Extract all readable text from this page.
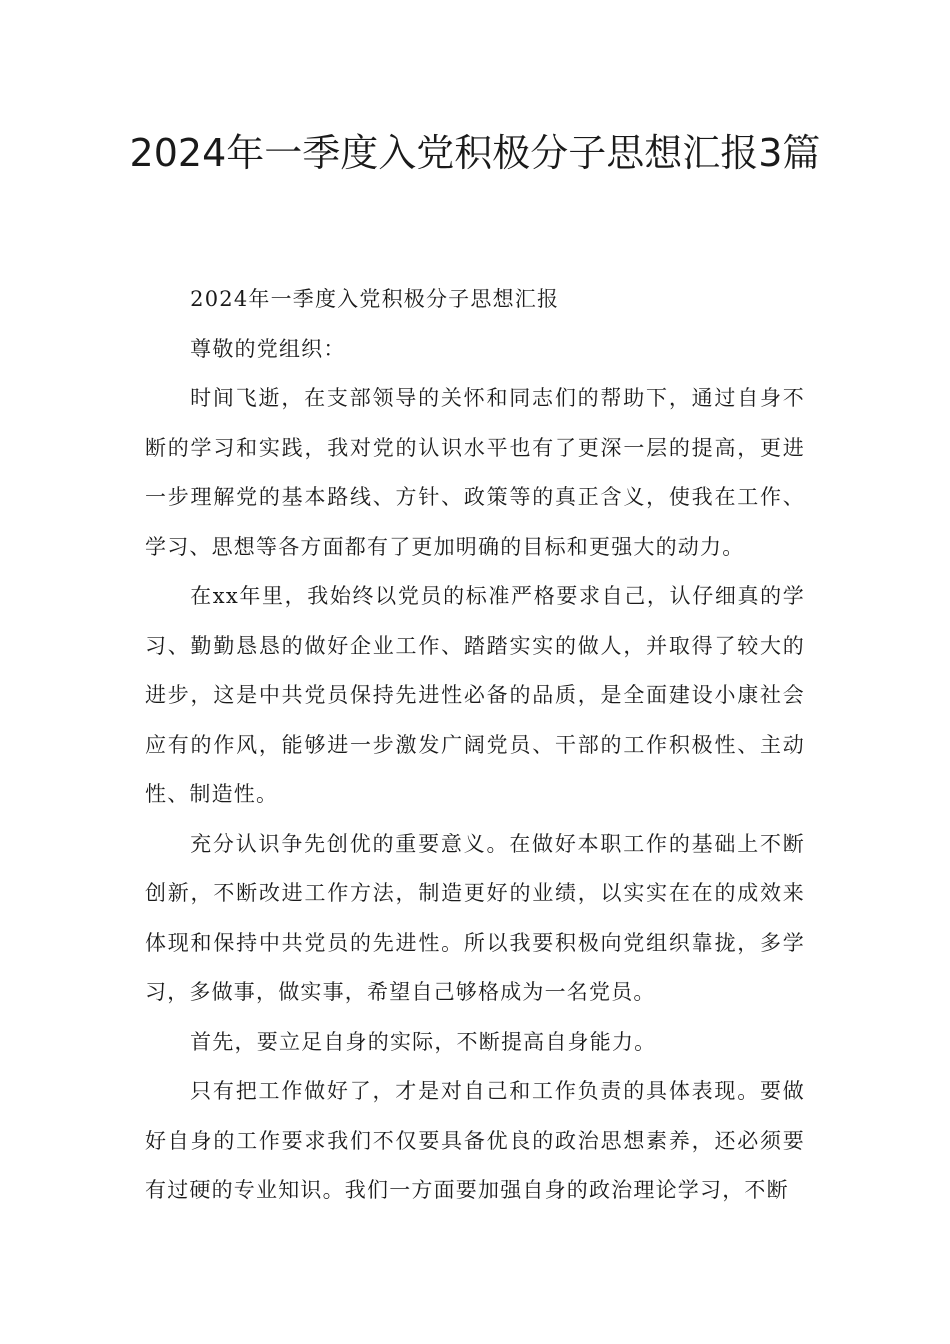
2024年一季度入党积极分子思想汇报3篇

2024年一季度入党积极分子思想汇报

尊敬的党组织：

时间飞逝，在支部领导的关怀和同志们的帮助下，通过自身不断的学习和实践，我对党的认识水平也有了更深一层的提高，更进一步理解党的基本路线、方针、政策等的真正含义，使我在工作、学习、思想等各方面都有了更加明确的目标和更强大的动力。

在xx年里，我始终以党员的标准严格要求自己，认仔细真的学习、勤勤恳恳的做好企业工作、踏踏实实的做人，并取得了较大的进步，这是中共党员保持先进性必备的品质，是全面建设小康社会应有的作风，能够进一步激发广阔党员、干部的工作积极性、主动性、制造性。

充分认识争先创优的重要意义。在做好本职工作的基础上不断创新，不断改进工作方法，制造更好的业绩，以实实在在的成效来体现和保持中共党员的先进性。所以我要积极向党组织靠拢，多学习，多做事，做实事，希望自己够格成为一名党员。

首先，要立足自身的实际，不断提高自身能力。

只有把工作做好了，才是对自己和工作负责的具体表现。要做好自身的工作要求我们不仅要具备优良的政治思想素养，还必须要有过硬的专业知识。我们一方面要加强自身的政治理论学习，不断
